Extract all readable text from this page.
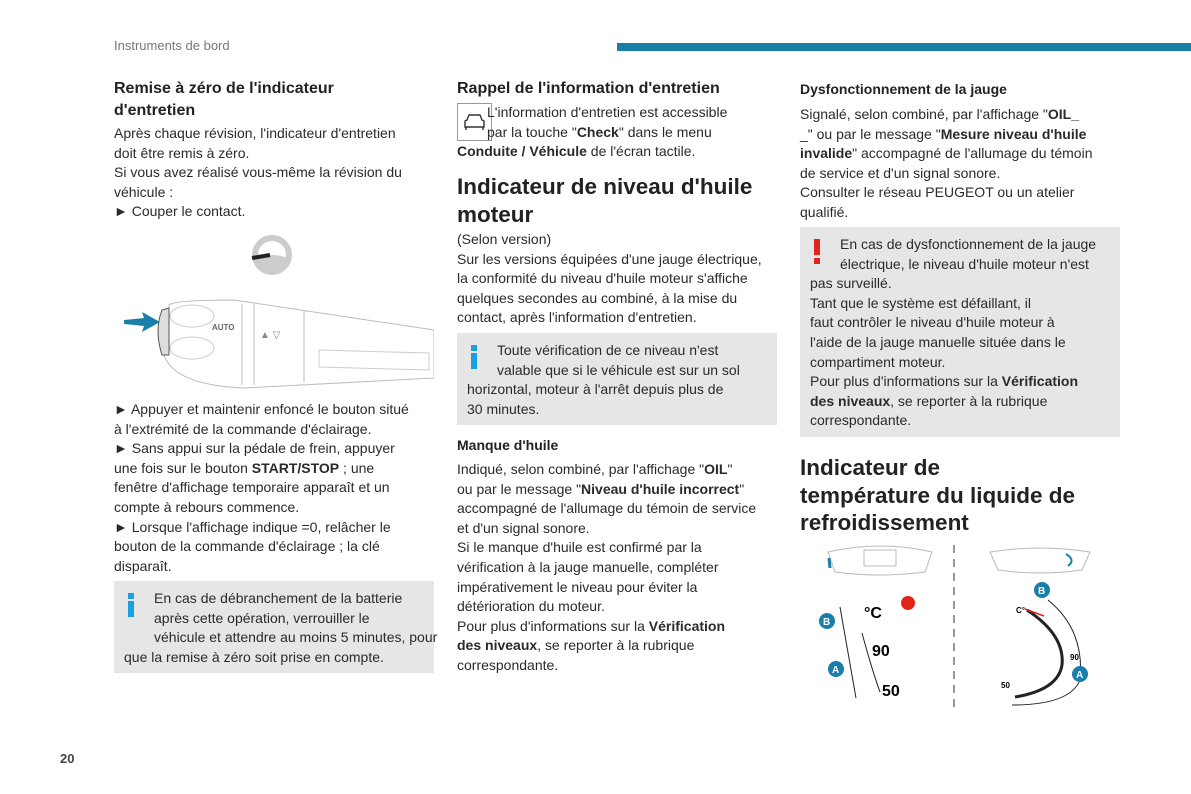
Instruments de bord
20
Remise à zéro de l'indicateur
d'entretien
Après chaque révision, l'indicateur d'entretien
doit être remis à zéro.
Si vous avez réalisé vous-même la révision du
véhicule :
► Couper le contact.
AUTO
▲ ▽
► Appuyer et maintenir enfoncé le bouton situé
à l'extrémité de la commande d'éclairage.
► Sans appui sur la pédale de frein, appuyer
une fois sur le bouton START/STOP ; une
fenêtre d'affichage temporaire apparaît et un
compte à rebours commence.
► Lorsque l'affichage indique =0, relâcher le
bouton de la commande d'éclairage ; la clé
disparaît.
En cas de débranchement de la batterie
après cette opération, verrouiller le
véhicule et attendre au moins 5 minutes, pour
que la remise à zéro soit prise en compte.
Rappel de l'information d'entretien
L'information d'entretien est accessible
par la touche "Check" dans le menu
Conduite / Véhicule de l'écran tactile.
Indicateur de niveau d'huile
moteur
(Selon version)
Sur les versions équipées d'une jauge électrique,
la conformité du niveau d'huile moteur s'affiche
quelques secondes au combiné, à la mise du
contact, après l'information d'entretien.
Toute vérification de ce niveau n'est
valable que si le véhicule est sur un sol
horizontal, moteur à l'arrêt depuis plus de
30 minutes.
Manque d'huile
Indiqué, selon combiné, par l'affichage "OIL"
ou par le message "Niveau d'huile incorrect"
accompagné de l'allumage du témoin de service
et d'un signal sonore.
Si le manque d'huile est confirmé par la
vérification à la jauge manuelle, compléter
impérativement le niveau pour éviter la
détérioration du moteur.
Pour plus d'informations sur la Vérification
des niveaux, se reporter à la rubrique
correspondante.
Dysfonctionnement de la jauge
Signalé, selon combiné, par l'affichage "OIL_
_" ou par le message "Mesure niveau d'huile
invalide" accompagné de l'allumage du témoin
de service et d'un signal sonore.
Consulter le réseau PEUGEOT ou un atelier
qualifié.
En cas de dysfonctionnement de la jauge
électrique, le niveau d'huile moteur n'est
pas surveillé.
Tant que le système est défaillant, il
faut contrôler le niveau d'huile moteur à
l'aide de la jauge manuelle située dans le
compartiment moteur.
Pour plus d'informations sur la Vérification
des niveaux, se reporter à la rubrique
correspondante.
Indicateur de
température du liquide de
refroidissement
°C
90
50
B
A
C°
90
50
B
A
